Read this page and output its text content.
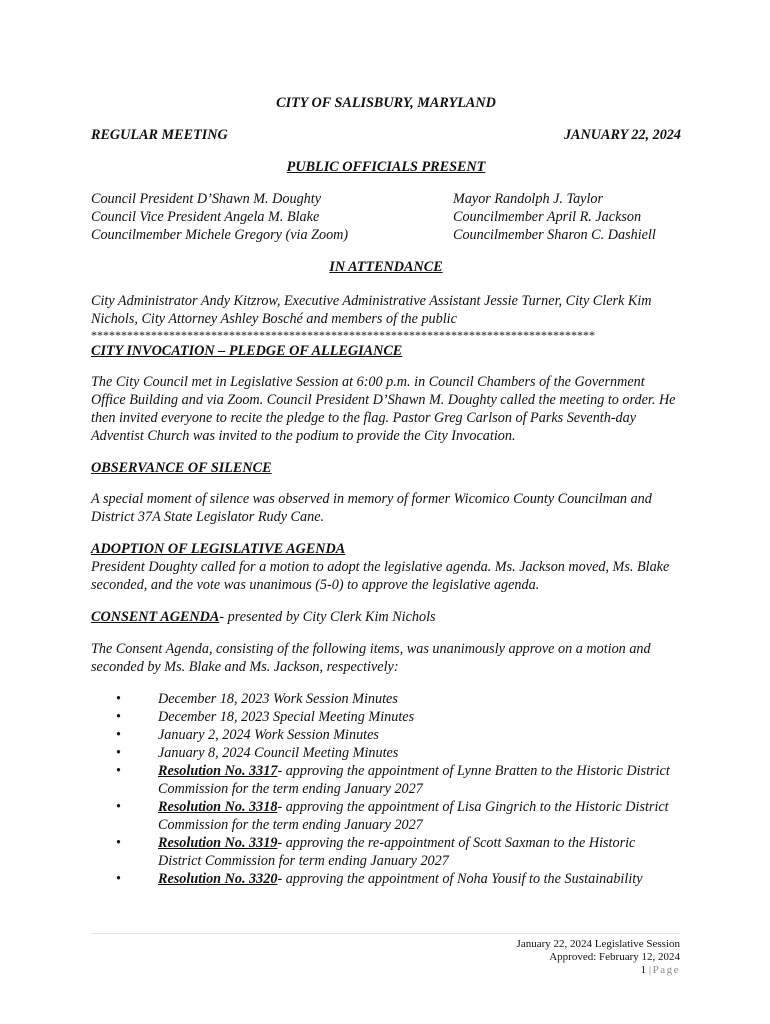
CITY OF SALISBURY, MARYLAND
REGULAR MEETING	JANUARY 22, 2024
PUBLIC OFFICIALS PRESENT
Council President D’Shawn M. Doughty
Council Vice President Angela M. Blake
Councilmember Michele Gregory (via Zoom)
Mayor Randolph J. Taylor
Councilmember April R. Jackson
Councilmember Sharon C. Dashiell
IN ATTENDANCE
City Administrator Andy Kitzrow, Executive Administrative Assistant Jessie Turner, City Clerk Kim Nichols, City Attorney Ashley Bosché and members of the public
************************************************************************************
CITY INVOCATION – PLEDGE OF ALLEGIANCE
The City Council met in Legislative Session at 6:00 p.m. in Council Chambers of the Government Office Building and via Zoom. Council President D’Shawn M. Doughty called the meeting to order. He then invited everyone to recite the pledge to the flag. Pastor Greg Carlson of Parks Seventh-day Adventist Church was invited to the podium to provide the City Invocation.
OBSERVANCE OF SILENCE
A special moment of silence was observed in memory of former Wicomico County Councilman and District 37A State Legislator Rudy Cane.
ADOPTION OF LEGISLATIVE AGENDA
President Doughty called for a motion to adopt the legislative agenda. Ms. Jackson moved, Ms. Blake seconded, and the vote was unanimous (5-0) to approve the legislative agenda.
CONSENT AGENDA- presented by City Clerk Kim Nichols
The Consent Agenda, consisting of the following items, was unanimously approve on a motion and seconded by Ms. Blake and Ms. Jackson, respectively:
•	December 18, 2023 Work Session Minutes
•	December 18, 2023 Special Meeting Minutes
•	January 2, 2024 Work Session Minutes
•	January 8, 2024 Council Meeting Minutes
•	Resolution No. 3317- approving the appointment of Lynne Bratten to the Historic District Commission for the term ending January 2027
•	Resolution No. 3318- approving the appointment of Lisa Gingrich to the Historic District Commission for the term ending January 2027
•	Resolution No. 3319- approving the re-appointment of Scott Saxman to the Historic District Commission for term ending January 2027
•	Resolution No. 3320- approving the appointment of Noha Yousif to the Sustainability
January 22, 2024 Legislative Session
Approved: February 12, 2024
1 |Page
